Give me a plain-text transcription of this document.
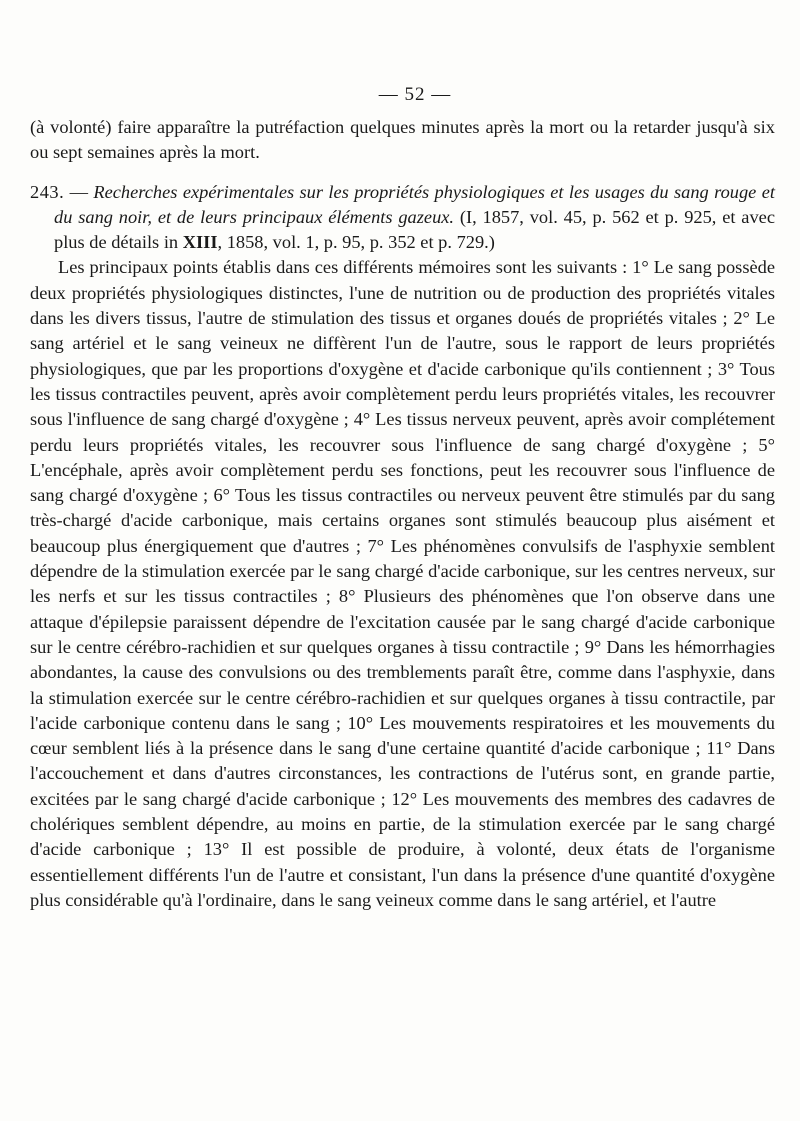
— 52 —

(à volonté) faire apparaître la putréfaction quelques minutes après la mort ou la retarder jusqu'à six ou sept semaines après la mort.

243. — Recherches expérimentales sur les propriétés physiologiques et les usages du sang rouge et du sang noir, et de leurs principaux éléments gazeux. (I, 1857, vol. 45, p. 562 et p. 925, et avec plus de détails in XIII, 1858, vol. 1, p. 95, p. 352 et p. 729.)

Les principaux points établis dans ces différents mémoires sont les suivants : 1° Le sang possède deux propriétés physiologiques distinctes, l'une de nutrition ou de production des propriétés vitales dans les divers tissus, l'autre de stimulation des tissus et organes doués de propriétés vitales ; 2° Le sang artériel et le sang veineux ne diffèrent l'un de l'autre, sous le rapport de leurs propriétés physiologiques, que par les proportions d'oxygène et d'acide carbonique qu'ils contiennent ; 3° Tous les tissus contractiles peuvent, après avoir complètement perdu leurs propriétés vitales, les recouvrer sous l'influence de sang chargé d'oxygène ; 4° Les tissus nerveux peuvent, après avoir complétement perdu leurs propriétés vitales, les recouvrer sous l'influence de sang chargé d'oxygène ; 5° L'encéphale, après avoir complètement perdu ses fonctions, peut les recouvrer sous l'influence de sang chargé d'oxygène ; 6° Tous les tissus contractiles ou nerveux peuvent être stimulés par du sang très-chargé d'acide carbonique, mais certains organes sont stimulés beaucoup plus aisément et beaucoup plus énergiquement que d'autres ; 7° Les phénomènes convulsifs de l'asphyxie semblent dépendre de la stimulation exercée par le sang chargé d'acide carbonique, sur les centres nerveux, sur les nerfs et sur les tissus contractiles ; 8° Plusieurs des phénomènes que l'on observe dans une attaque d'épilepsie paraissent dépendre de l'excitation causée par le sang chargé d'acide carbonique sur le centre cérébro-rachidien et sur quelques organes à tissu contractile ; 9° Dans les hémorrhagies abondantes, la cause des convulsions ou des tremblements paraît être, comme dans l'asphyxie, dans la stimulation exercée sur le centre cérébro-rachidien et sur quelques organes à tissu contractile, par l'acide carbonique contenu dans le sang ; 10° Les mouvements respiratoires et les mouvements du cœur semblent liés à la présence dans le sang d'une certaine quantité d'acide carbonique ; 11° Dans l'accouchement et dans d'autres circonstances, les contractions de l'utérus sont, en grande partie, excitées par le sang chargé d'acide carbonique ; 12° Les mouvements des membres des cadavres de cholériques semblent dépendre, au moins en partie, de la stimulation exercée par le sang chargé d'acide carbonique ; 13° Il est possible de produire, à volonté, deux états de l'organisme essentiellement différents l'un de l'autre et consistant, l'un dans la présence d'une quantité d'oxygène plus considérable qu'à l'ordinaire, dans le sang veineux comme dans le sang artériel, et l'autre
